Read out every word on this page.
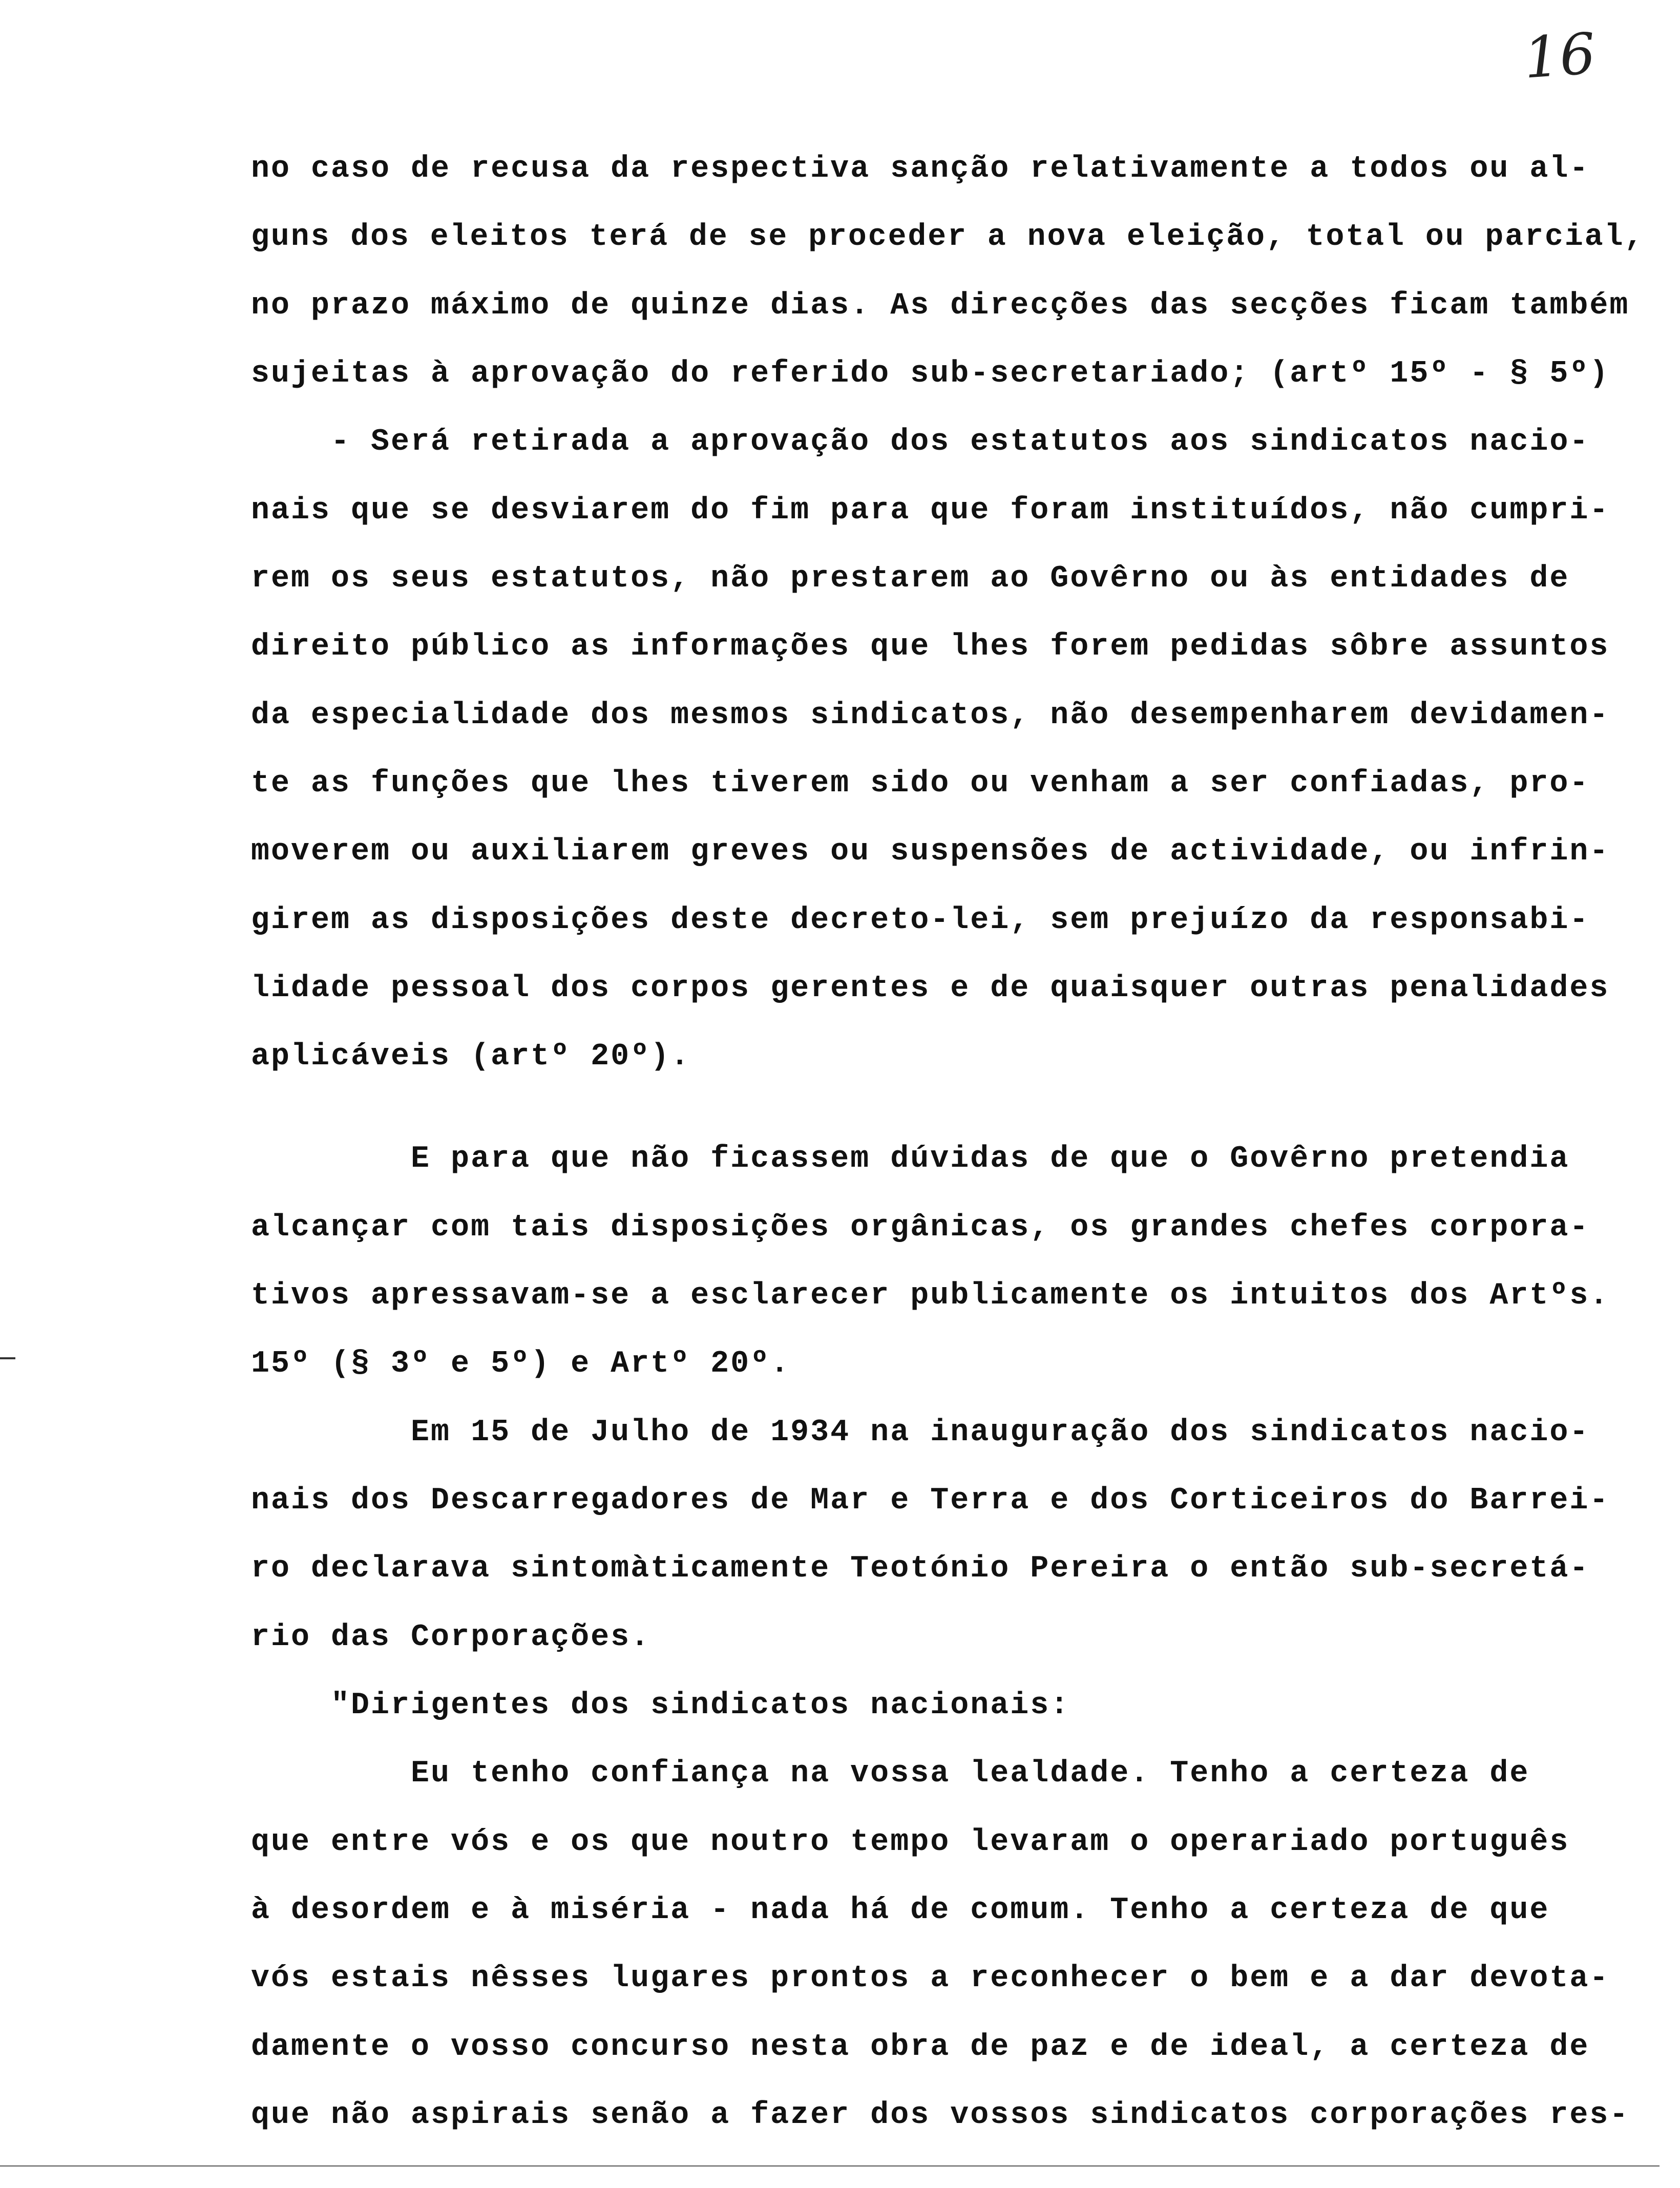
16
no caso de recusa da respectiva sanção relativamente a todos ou al-
guns dos eleitos terá de se proceder a nova eleição, total ou parcial,
no prazo máximo de quinze dias. As direcções das secções ficam também
sujeitas à aprovação do referido sub-secretariado; (artº 15º - § 5º)
- Será retirada a aprovação dos estatutos aos sindicatos nacio-
nais que se desviarem do fim para que foram instituídos, não cumpri-
rem os seus estatutos, não prestarem ao Govêrno ou às entidades de
direito público as informações que lhes forem pedidas sôbre assuntos
da especialidade dos mesmos sindicatos, não desempenharem devidamen-
te as funções que lhes tiverem sido ou venham a ser confiadas, pro-
moverem ou auxiliarem greves ou suspensões de actividade, ou infrin-
girem as disposições deste decreto-lei, sem prejuízo da responsabi-
lidade pessoal dos corpos gerentes e de quaisquer outras penalidades
aplicáveis (artº 20º).
E para que não ficassem dúvidas de que o Govêrno pretendia
alcançar com tais disposições orgânicas, os grandes chefes corpora-
tivos apressavam-se a esclarecer publicamente os intuitos dos Artºs.
15º (§ 3º e 5º) e Artº 20º.
Em 15 de Julho de 1934 na inauguração dos sindicatos nacio-
nais dos Descarregadores de Mar e Terra e dos Corticeiros do Barrei-
ro declarava sintomàticamente Teotónio Pereira o então sub-secretá-
rio das Corporações.
"Dirigentes dos sindicatos nacionais:
Eu tenho confiança na vossa lealdade. Tenho a certeza de
que entre vós e os que noutro tempo levaram o operariado português
à desordem e à miséria - nada há de comum. Tenho a certeza de que
vós estais nêsses lugares prontos a reconhecer o bem e a dar devota-
damente o vosso concurso nesta obra de paz e de ideal, a certeza de
que não aspirais senão a fazer dos vossos sindicatos corporações res-
